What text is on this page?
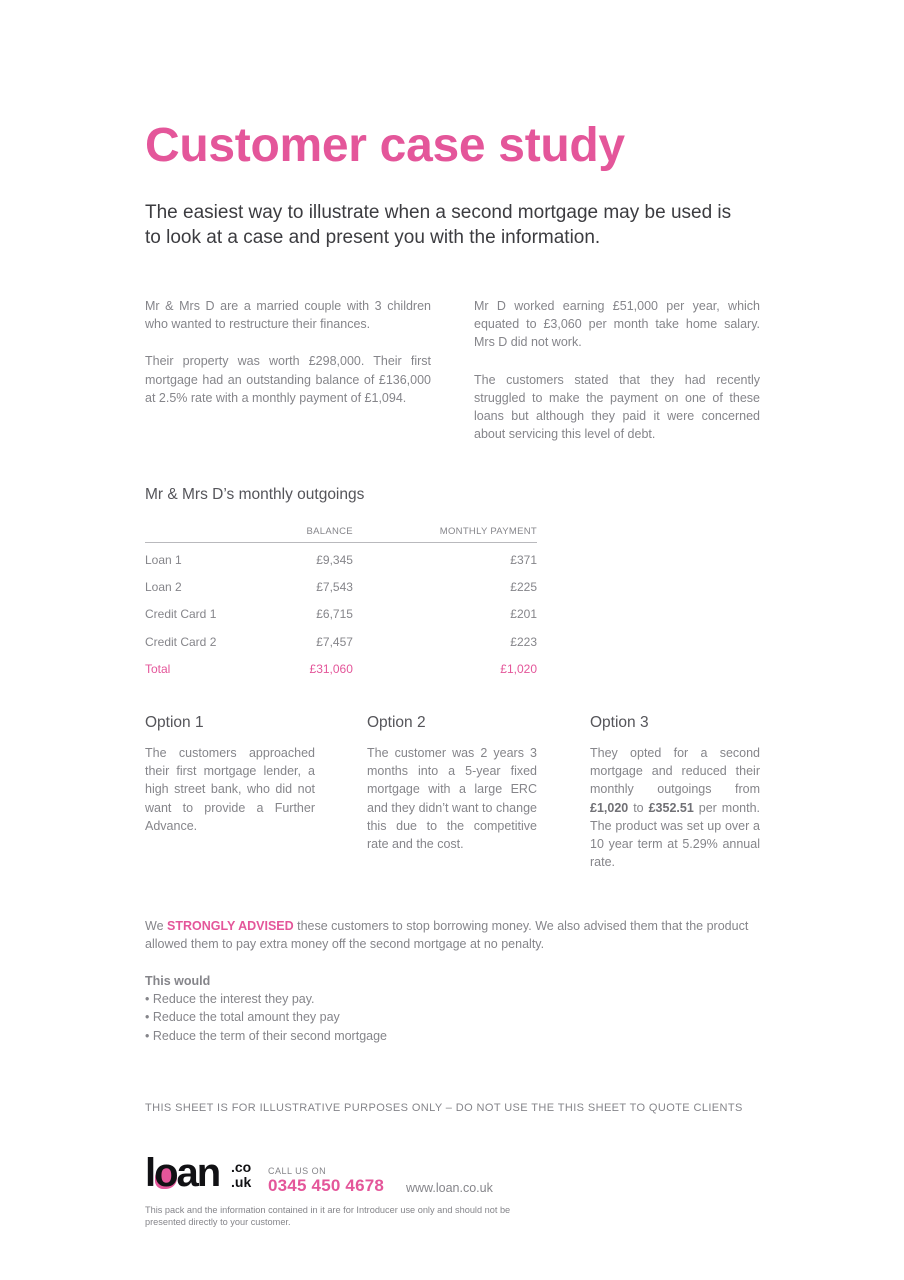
Customer case study
The easiest way to illustrate when a second mortgage may be used is to look at a case and present you with the information.

Mr & Mrs D are a married couple with 3 children who wanted to restructure their finances.

Their property was worth £298,000. Their first mortgage had an outstanding balance of £136,000 at 2.5% rate with a monthly payment of £1,094.

Mr D worked earning £51,000 per year, which equated to £3,060 per month take home salary. Mrs D did not work.

The customers stated that they had recently struggled to make the payment on one of these loans but although they paid it were concerned about servicing this level of debt.

Mr & Mrs D’s monthly outgoings
	BALANCE	MONTHLY PAYMENT
Loan 1	£9,345	£371
Loan 2	£7,543	£225
Credit Card 1	£6,715	£201
Credit Card 2	£7,457	£223
Total	£31,060	£1,020
Option 1

The customers approached their first mortgage lender, a high street bank, who did not want to provide a Further Advance.

Option 2

The customer was 2 years 3 months into a 5-year fixed mortgage with a large ERC and they didn’t want to change this due to the competitive rate and the cost.

Option 3

They opted for a second mortgage and reduced their monthly outgoings from £1,020 to £352.51 per month. The product was set up over a 10 year term at 5.29% annual rate.

We STRONGLY ADVISED these customers to stop borrowing money. We also advised them that the product allowed them to pay extra money off the second mortgage at no penalty.
This would
• Reduce the interest they pay.
• Reduce the total amount they pay
• Reduce the term of their second mortgage
THIS SHEET IS FOR ILLUSTRATIVE PURPOSES ONLY – DO NOT USE THE THIS SHEET TO QUOTE CLIENTS
loan .co
.uk
CALL US ON
0345 450 4678 www.loan.co.uk
This pack and the information contained in it are for Introducer use only and should not be presented directly to your customer.
